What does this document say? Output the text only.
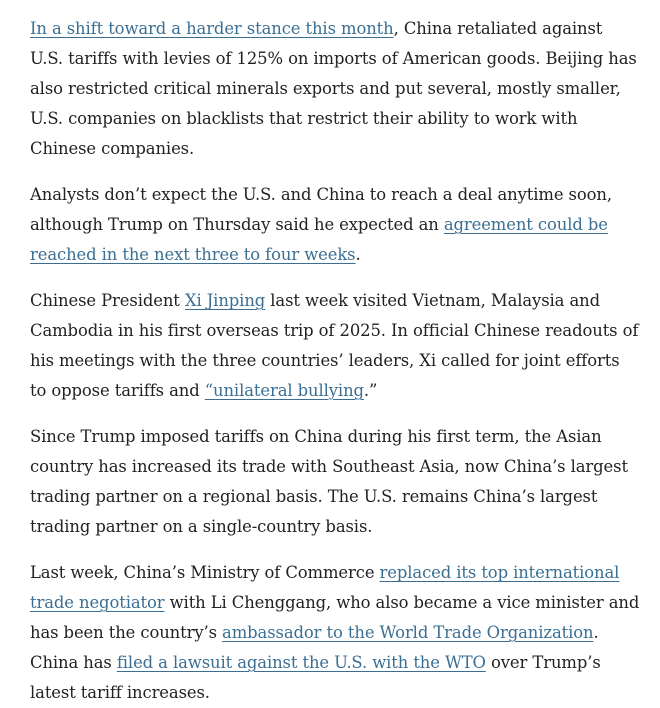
In a shift toward a harder stance this month, China retaliated against U.S. tariffs with levies of 125% on imports of American goods. Beijing has also restricted critical minerals exports and put several, mostly smaller, U.S. companies on blacklists that restrict their ability to work with Chinese companies.

Analysts don’t expect the U.S. and China to reach a deal anytime soon, although Trump on Thursday said he expected an agreement could be reached in the next three to four weeks.

Chinese President Xi Jinping last week visited Vietnam, Malaysia and Cambodia in his first overseas trip of 2025. In official Chinese readouts of his meetings with the three countries’ leaders, Xi called for joint efforts to oppose tariffs and “unilateral bullying.”

Since Trump imposed tariffs on China during his first term, the Asian country has increased its trade with Southeast Asia, now China’s largest trading partner on a regional basis. The U.S. remains China’s largest trading partner on a single-country basis.

Last week, China’s Ministry of Commerce replaced its top international trade negotiator with Li Chenggang, who also became a vice minister and has been the country’s ambassador to the World Trade Organization. China has filed a lawsuit against the U.S. with the WTO over Trump’s latest tariff increases.
